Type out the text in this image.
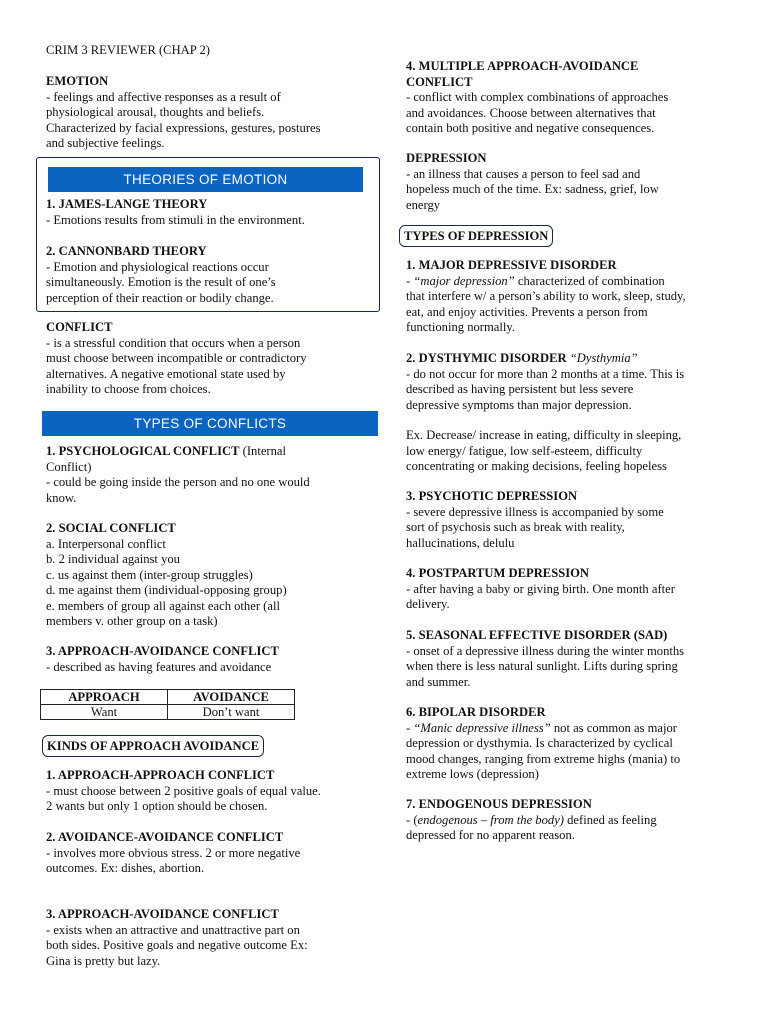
CRIM 3 REVIEWER (CHAP 2)
EMOTION
- feelings and affective responses as a result of
physiological arousal, thoughts and beliefs.
Characterized by facial expressions, gestures, postures
and subjective feelings.
THEORIES OF EMOTION
1. JAMES-LANGE THEORY
- Emotions results from stimuli in the environment.
2. CANNONBARD THEORY
- Emotion and physiological reactions occur
simultaneously. Emotion is the result of one’s
perception of their reaction or bodily change.
CONFLICT
- is a stressful condition that occurs when a person
must choose between incompatible or contradictory
alternatives. A negative emotional state used by
inability to choose from choices.
TYPES OF CONFLICTS
1. PSYCHOLOGICAL CONFLICT (Internal
Conflict)
- could be going inside the person and no one would
know.
2. SOCIAL CONFLICT
a. Interpersonal conflict
b. 2 individual against you
c. us against them (inter-group struggles)
d. me against them (individual-opposing group)
e. members of group all against each other (all
members v. other group on a task)
3. APPROACH-AVOIDANCE CONFLICT
- described as having features and avoidance
APPROACH	AVOIDANCE
Want	Don’t want
KINDS OF APPROACH AVOIDANCE
1. APPROACH-APPROACH CONFLICT
- must choose between 2 positive goals of equal value.
2 wants but only 1 option should be chosen.
2. AVOIDANCE-AVOIDANCE CONFLICT
- involves more obvious stress. 2 or more negative
outcomes. Ex: dishes, abortion.
3. APPROACH-AVOIDANCE CONFLICT
- exists when an attractive and unattractive part on
both sides. Positive goals and negative outcome Ex:
Gina is pretty but lazy.
4. MULTIPLE APPROACH-AVOIDANCE
CONFLICT
- conflict with complex combinations of approaches
and avoidances. Choose between alternatives that
contain both positive and negative consequences.
DEPRESSION
- an illness that causes a person to feel sad and
hopeless much of the time. Ex: sadness, grief, low
energy
TYPES OF DEPRESSION
1. MAJOR DEPRESSIVE DISORDER
- “major depression” characterized of combination
that interfere w/ a person’s ability to work, sleep, study,
eat, and enjoy activities. Prevents a person from
functioning normally.
2. DYSTHYMIC DISORDER “Dysthymia”
- do not occur for more than 2 months at a time. This is
described as having persistent but less severe
depressive symptoms than major depression.
Ex. Decrease/ increase in eating, difficulty in sleeping,
low energy/ fatigue, low self-esteem, difficulty
concentrating or making decisions, feeling hopeless
3. PSYCHOTIC DEPRESSION
- severe depressive illness is accompanied by some
sort of psychosis such as break with reality,
hallucinations, delulu
4. POSTPARTUM DEPRESSION
- after having a baby or giving birth. One month after
delivery.
5. SEASONAL EFFECTIVE DISORDER (SAD)
- onset of a depressive illness during the winter months
when there is less natural sunlight. Lifts during spring
and summer.
6. BIPOLAR DISORDER
- “Manic depressive illness” not as common as major
depression or dysthymia. Is characterized by cyclical
mood changes, ranging from extreme highs (mania) to
extreme lows (depression)
7. ENDOGENOUS DEPRESSION
- (endogenous – from the body) defined as feeling
depressed for no apparent reason.
